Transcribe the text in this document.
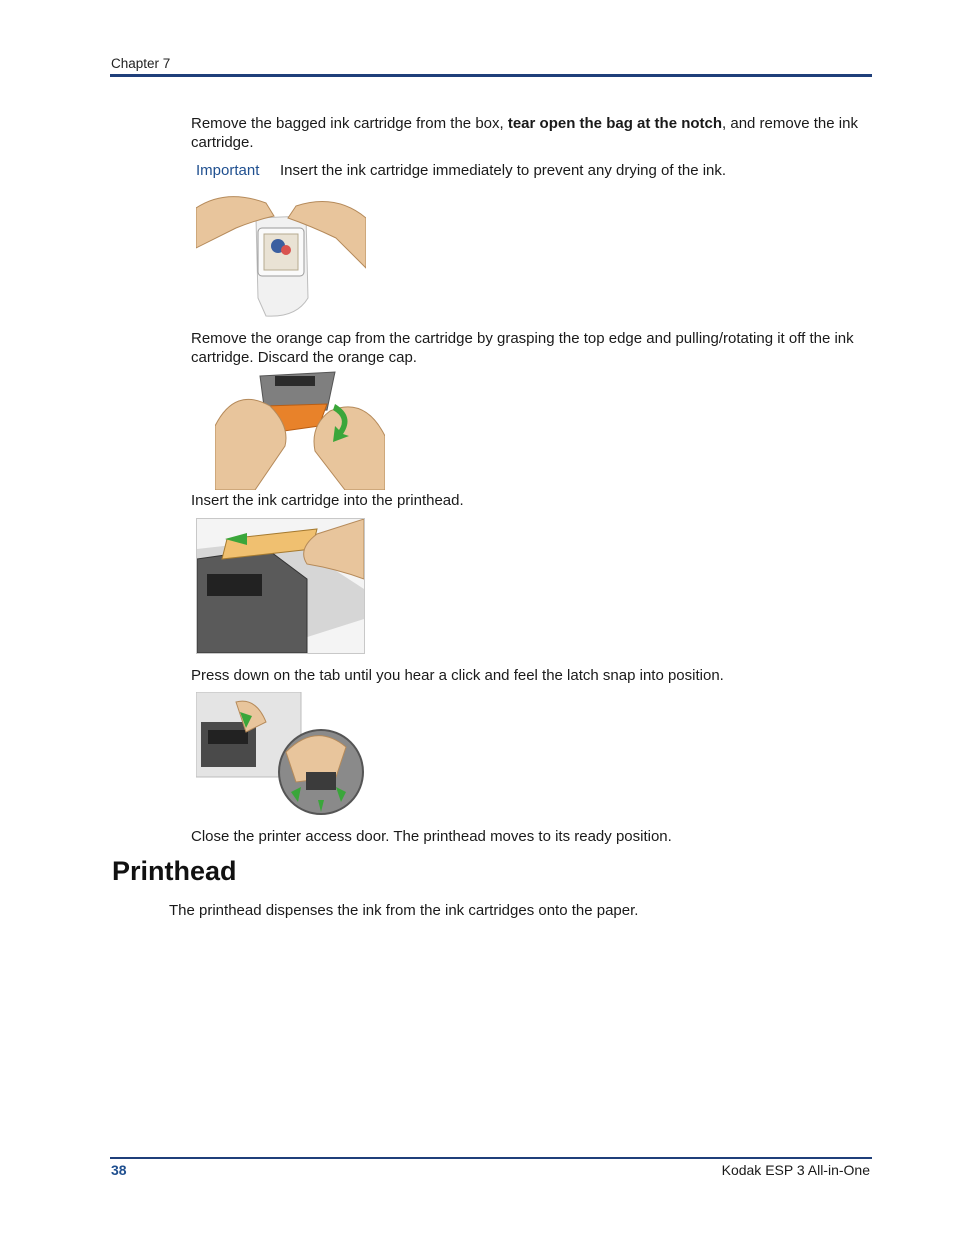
Chapter 7
Remove the bagged ink cartridge from the box, tear open the bag at the notch, and remove the ink cartridge.
Important Insert the ink cartridge immediately to prevent any drying of the ink.
Remove the orange cap from the cartridge by grasping the top edge and pulling/rotating it off the ink cartridge. Discard the orange cap.
Insert the ink cartridge into the printhead.
Press down on the tab until you hear a click and feel the latch snap into position.
Close the printer access door. The printhead moves to its ready position.
Printhead
The printhead dispenses the ink from the ink cartridges onto the paper.
38	Kodak ESP 3 All-in-One
